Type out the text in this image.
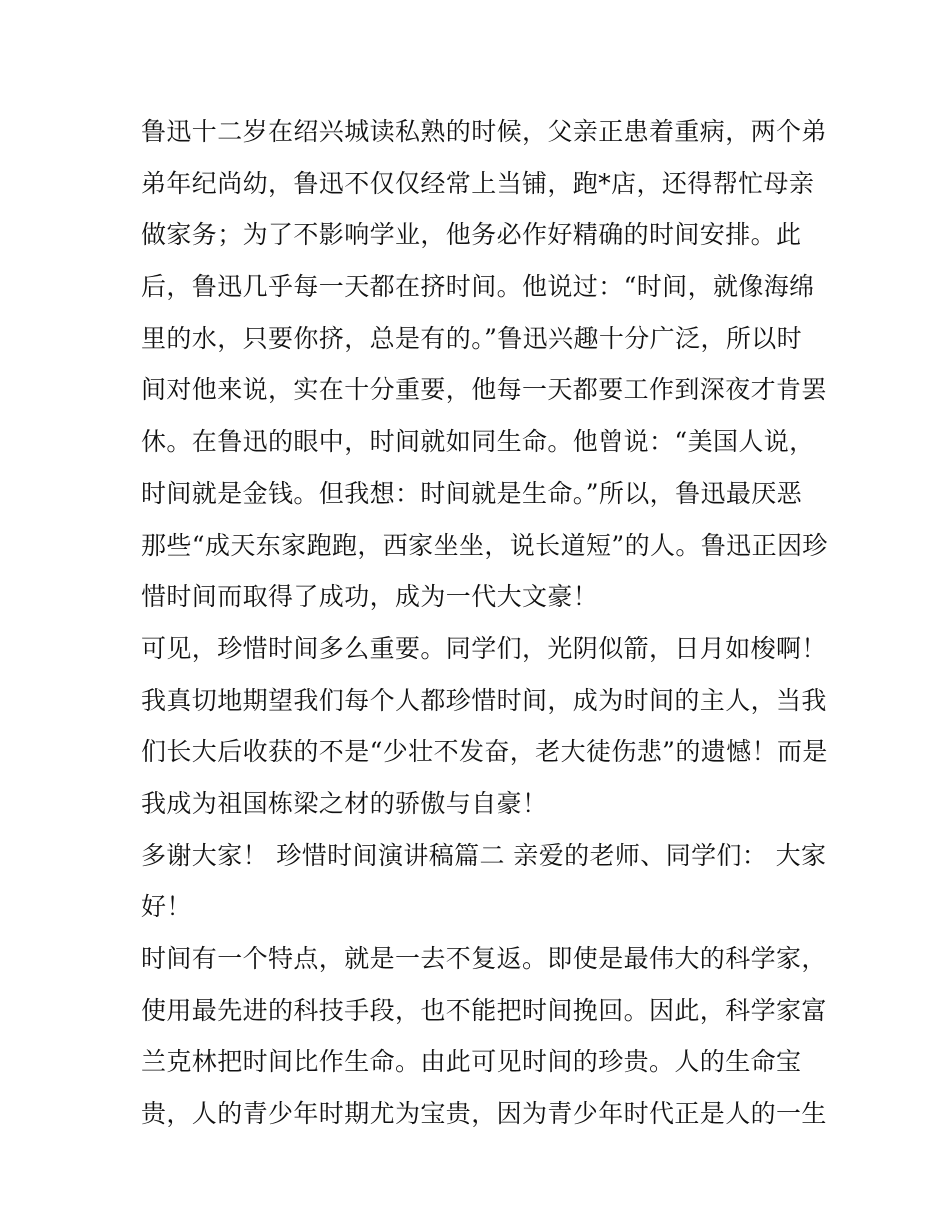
鲁迅十二岁在绍兴城读私熟的时候，父亲正患着重病，两个弟
弟年纪尚幼，鲁迅不仅仅经常上当铺，跑*店，还得帮忙母亲
做家务；为了不影响学业，他务必作好精确的时间安排。此
后，鲁迅几乎每一天都在挤时间。他说过：“时间，就像海绵
里的水，只要你挤，总是有的。”鲁迅兴趣十分广泛，所以时
间对他来说，实在十分重要，他每一天都要工作到深夜才肯罢
休。在鲁迅的眼中，时间就如同生命。他曾说：“美国人说，
时间就是金钱。但我想：时间就是生命。”所以，鲁迅最厌恶
那些“成天东家跑跑，西家坐坐，说长道短”的人。鲁迅正因珍
惜时间而取得了成功，成为一代大文豪！
可见，珍惜时间多么重要。同学们，光阴似箭，日月如梭啊！
我真切地期望我们每个人都珍惜时间，成为时间的主人，当我
们长大后收获的不是“少壮不发奋，老大徒伤悲”的遗憾！而是
我成为祖国栋梁之材的骄傲与自豪！
多谢大家！ 珍惜时间演讲稿篇二 亲爱的老师、同学们： 大家
好！
时间有一个特点，就是一去不复返。即使是最伟大的科学家，
使用最先进的科技手段，也不能把时间挽回。因此，科学家富
兰克林把时间比作生命。由此可见时间的珍贵。人的生命宝
贵，人的青少年时期尤为宝贵，因为青少年时代正是人的一生
